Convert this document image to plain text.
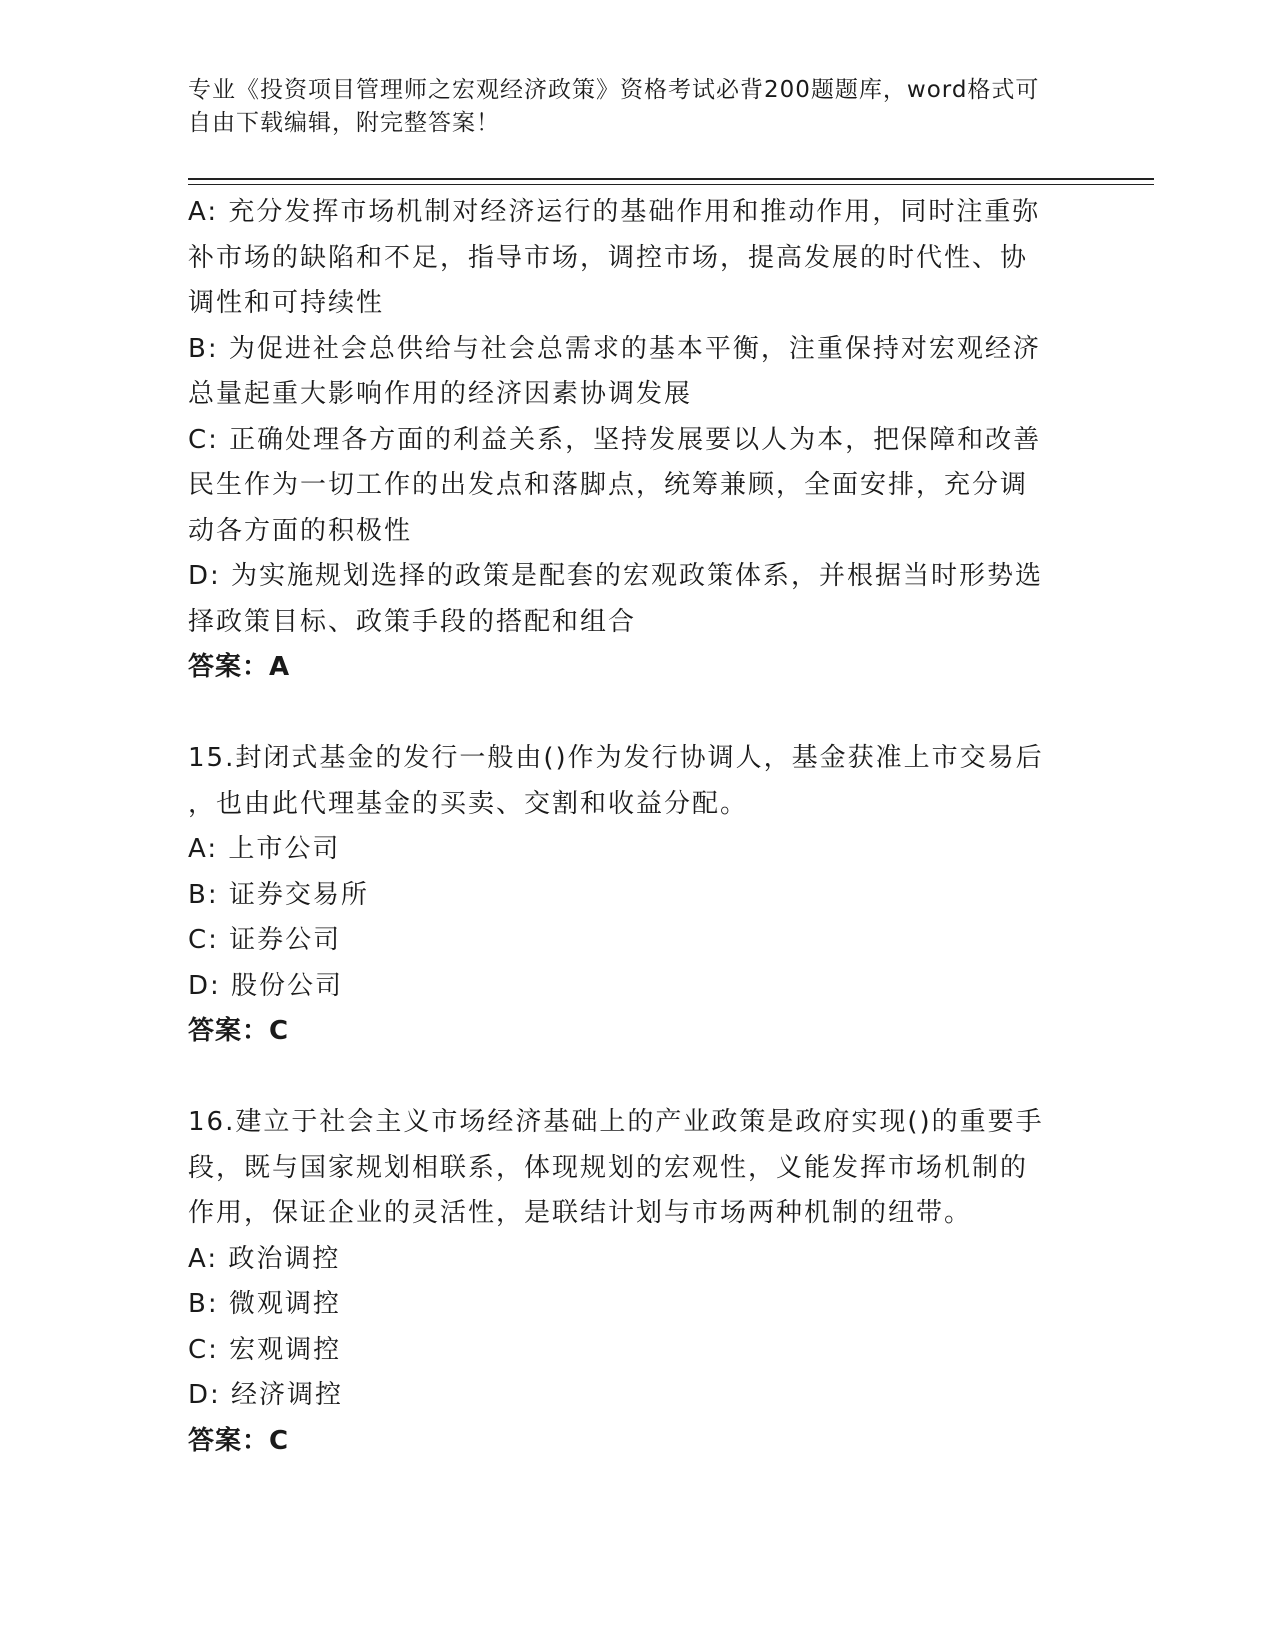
专业《投资项目管理师之宏观经济政策》资格考试必背200题题库，word格式可
自由下载编辑，附完整答案！
A: 充分发挥市场机制对经济运行的基础作用和推动作用，同时注重弥
补市场的缺陷和不足，指导市场，调控市场，提高发展的时代性、协
调性和可持续性
B: 为促进社会总供给与社会总需求的基本平衡，注重保持对宏观经济
总量起重大影响作用的经济因素协调发展
C: 正确处理各方面的利益关系，坚持发展要以人为本，把保障和改善
民生作为一切工作的出发点和落脚点，统筹兼顾，全面安排，充分调
动各方面的积极性
D: 为实施规划选择的政策是配套的宏观政策体系，并根据当时形势选
择政策目标、政策手段的搭配和组合
答案：A
15.封闭式基金的发行一般由()作为发行协调人，基金获准上市交易后
，也由此代理基金的买卖、交割和收益分配。
A: 上市公司
B: 证券交易所
C: 证券公司
D: 股份公司
答案：C
16.建立于社会主义市场经济基础上的产业政策是政府实现()的重要手
段，既与国家规划相联系，体现规划的宏观性，义能发挥市场机制的
作用，保证企业的灵活性，是联结计划与市场两种机制的纽带。
A: 政治调控
B: 微观调控
C: 宏观调控
D: 经济调控
答案：C
